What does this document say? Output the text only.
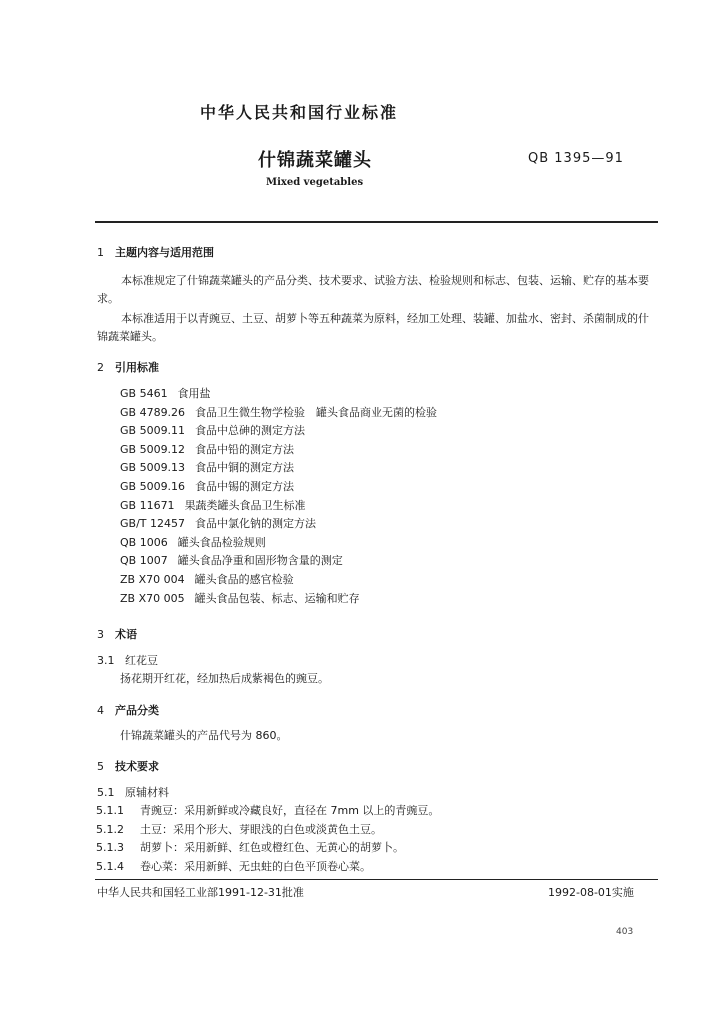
中华人民共和国行业标准
什锦蔬菜罐头	QB 1395—91
Mixed vegetables
1 主题内容与适用范围
本标准规定了什锦蔬菜罐头的产品分类、技术要求、试验方法、检验规则和标志、包装、运输、贮存的基本要求。
本标准适用于以青豌豆、土豆、胡萝卜等五种蔬菜为原料，经加工处理、装罐、加盐水、密封、杀菌制成的什锦蔬菜罐头。
2 引用标准
GB 5461 食用盐
GB 4789.26 食品卫生微生物学检验　罐头食品商业无菌的检验
GB 5009.11 食品中总砷的测定方法
GB 5009.12 食品中铅的测定方法
GB 5009.13 食品中铜的测定方法
GB 5009.16 食品中锡的测定方法
GB 11671 果蔬类罐头食品卫生标准
GB/T 12457 食品中氯化钠的测定方法
QB 1006 罐头食品检验规则
QB 1007 罐头食品净重和固形物含量的测定
ZB X70 004 罐头食品的感官检验
ZB X70 005 罐头食品包装、标志、运输和贮存
3 术语
3.1 红花豆
扬花期开红花，经加热后成紫褐色的豌豆。
4 产品分类
什锦蔬菜罐头的产品代号为 860。
5 技术要求
5.1 原辅材料
5.1.1 青豌豆：采用新鲜或冷藏良好，直径在 7mm 以上的青豌豆。
5.1.2 土豆：采用个形大、芽眼浅的白色或淡黄色土豆。
5.1.3 胡萝卜：采用新鲜、红色或橙红色、无黄心的胡萝卜。
5.1.4 卷心菜：采用新鲜、无虫蛀的白色平顶卷心菜。
中华人民共和国轻工业部1991-12-31批准	1992-08-01实施
403
